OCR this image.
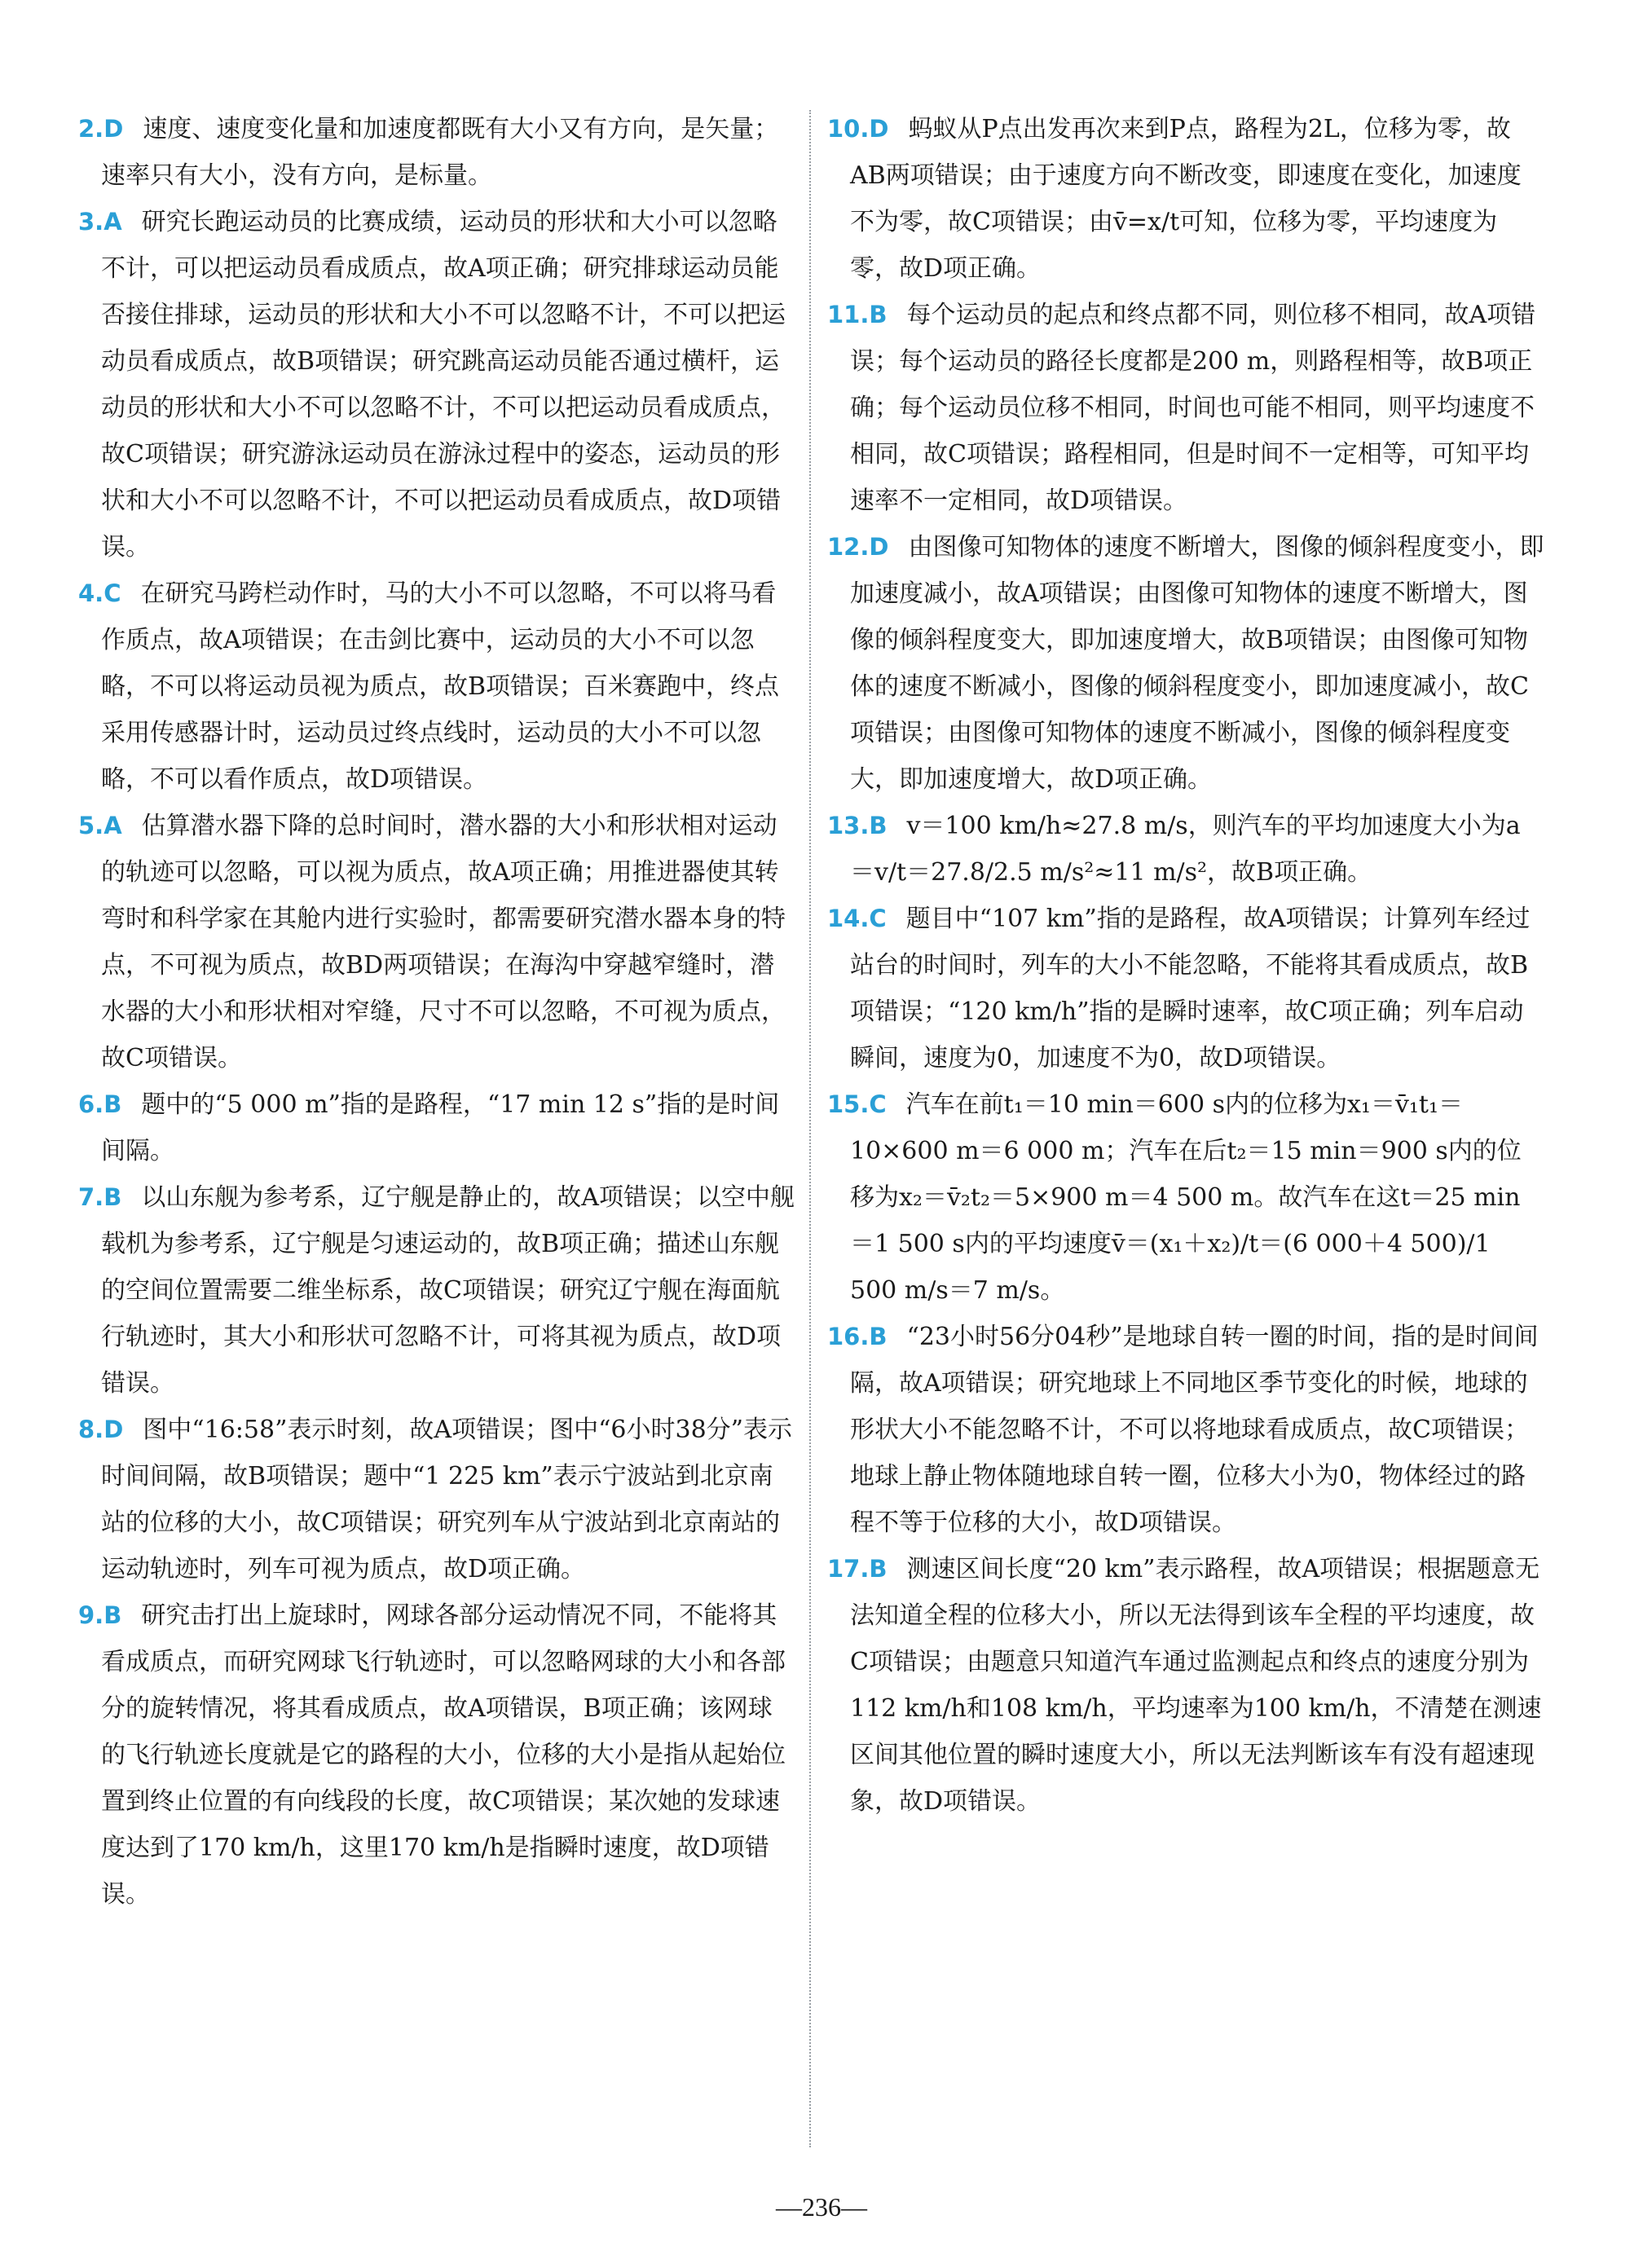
2.D 速度、速度变化量和加速度都既有大小又有方向，是矢量；速率只有大小，没有方向，是标量。
3.A 研究长跑运动员的比赛成绩，运动员的形状和大小可以忽略不计，可以把运动员看成质点，故A项正确；研究排球运动员能否接住排球，运动员的形状和大小不可以忽略不计，不可以把运动员看成质点，故B项错误；研究跳高运动员能否通过横杆，运动员的形状和大小不可以忽略不计，不可以把运动员看成质点，故C项错误；研究游泳运动员在游泳过程中的姿态，运动员的形状和大小不可以忽略不计，不可以把运动员看成质点，故D项错误。
4.C 在研究马跨栏动作时，马的大小不可以忽略，不可以将马看作质点，故A项错误；在击剑比赛中，运动员的大小不可以忽略，不可以将运动员视为质点，故B项错误；百米赛跑中，终点采用传感器计时，运动员过终点线时，运动员的大小不可以忽略，不可以看作质点，故D项错误。
5.A 估算潜水器下降的总时间时，潜水器的大小和形状相对运动的轨迹可以忽略，可以视为质点，故A项正确；用推进器使其转弯时和科学家在其舱内进行实验时，都需要研究潜水器本身的特点，不可视为质点，故BD两项错误；在海沟中穿越窄缝时，潜水器的大小和形状相对窄缝，尺寸不可以忽略，不可视为质点，故C项错误。
6.B 题中的“5 000 m”指的是路程，“17 min 12 s”指的是时间间隔。
7.B 以山东舰为参考系，辽宁舰是静止的，故A项错误；以空中舰载机为参考系，辽宁舰是匀速运动的，故B项正确；描述山东舰的空间位置需要二维坐标系，故C项错误；研究辽宁舰在海面航行轨迹时，其大小和形状可忽略不计，可将其视为质点，故D项错误。
8.D 图中“16:58”表示时刻，故A项错误；图中“6小时38分”表示时间间隔，故B项错误；题中“1 225 km”表示宁波站到北京南站的位移的大小，故C项错误；研究列车从宁波站到北京南站的运动轨迹时，列车可视为质点，故D项正确。
9.B 研究击打出上旋球时，网球各部分运动情况不同，不能将其看成质点，而研究网球飞行轨迹时，可以忽略网球的大小和各部分的旋转情况，将其看成质点，故A项错误，B项正确；该网球的飞行轨迹长度就是它的路程的大小，位移的大小是指从起始位置到终止位置的有向线段的长度，故C项错误；某次她的发球速度达到了170 km/h，这里170 km/h是指瞬时速度，故D项错误。
10.D 蚂蚁从P点出发再次来到P点，路程为2L，位移为零，故AB两项错误；由于速度方向不断改变，即速度在变化，加速度不为零，故C项错误；由v̄=x/t可知，位移为零，平均速度为零，故D项正确。
11.B 每个运动员的起点和终点都不同，则位移不相同，故A项错误；每个运动员的路径长度都是200 m，则路程相等，故B项正确；每个运动员位移不相同，时间也可能不相同，则平均速度不相同，故C项错误；路程相同，但是时间不一定相等，可知平均速率不一定相同，故D项错误。
12.D 由图像可知物体的速度不断增大，图像的倾斜程度变小，即加速度减小，故A项错误；由图像可知物体的速度不断增大，图像的倾斜程度变大，即加速度增大，故B项错误；由图像可知物体的速度不断减小，图像的倾斜程度变小，即加速度减小，故C项错误；由图像可知物体的速度不断减小，图像的倾斜程度变大，即加速度增大，故D项正确。
13.B v＝100 km/h≈27.8 m/s，则汽车的平均加速度大小为a＝v/t＝27.8/2.5 m/s²≈11 m/s²，故B项正确。
14.C 题目中“107 km”指的是路程，故A项错误；计算列车经过站台的时间时，列车的大小不能忽略，不能将其看成质点，故B项错误；“120 km/h”指的是瞬时速率，故C项正确；列车启动瞬间，速度为0，加速度不为0，故D项错误。
15.C 汽车在前t₁＝10 min＝600 s内的位移为x₁＝v̄₁t₁＝10×600 m＝6 000 m；汽车在后t₂＝15 min＝900 s内的位移为x₂＝v̄₂t₂＝5×900 m＝4 500 m。故汽车在这t＝25 min＝1 500 s内的平均速度v̄＝(x₁＋x₂)/t＝(6 000＋4 500)/1 500 m/s＝7 m/s。
16.B “23小时56分04秒”是地球自转一圈的时间，指的是时间间隔，故A项错误；研究地球上不同地区季节变化的时候，地球的形状大小不能忽略不计，不可以将地球看成质点，故C项错误；地球上静止物体随地球自转一圈，位移大小为0，物体经过的路程不等于位移的大小，故D项错误。
17.B 测速区间长度“20 km”表示路程，故A项错误；根据题意无法知道全程的位移大小，所以无法得到该车全程的平均速度，故C项错误；由题意只知道汽车通过监测起点和终点的速度分别为112 km/h和108 km/h，平均速率为100 km/h，不清楚在测速区间其他位置的瞬时速度大小，所以无法判断该车有没有超速现象，故D项错误。
—236—
